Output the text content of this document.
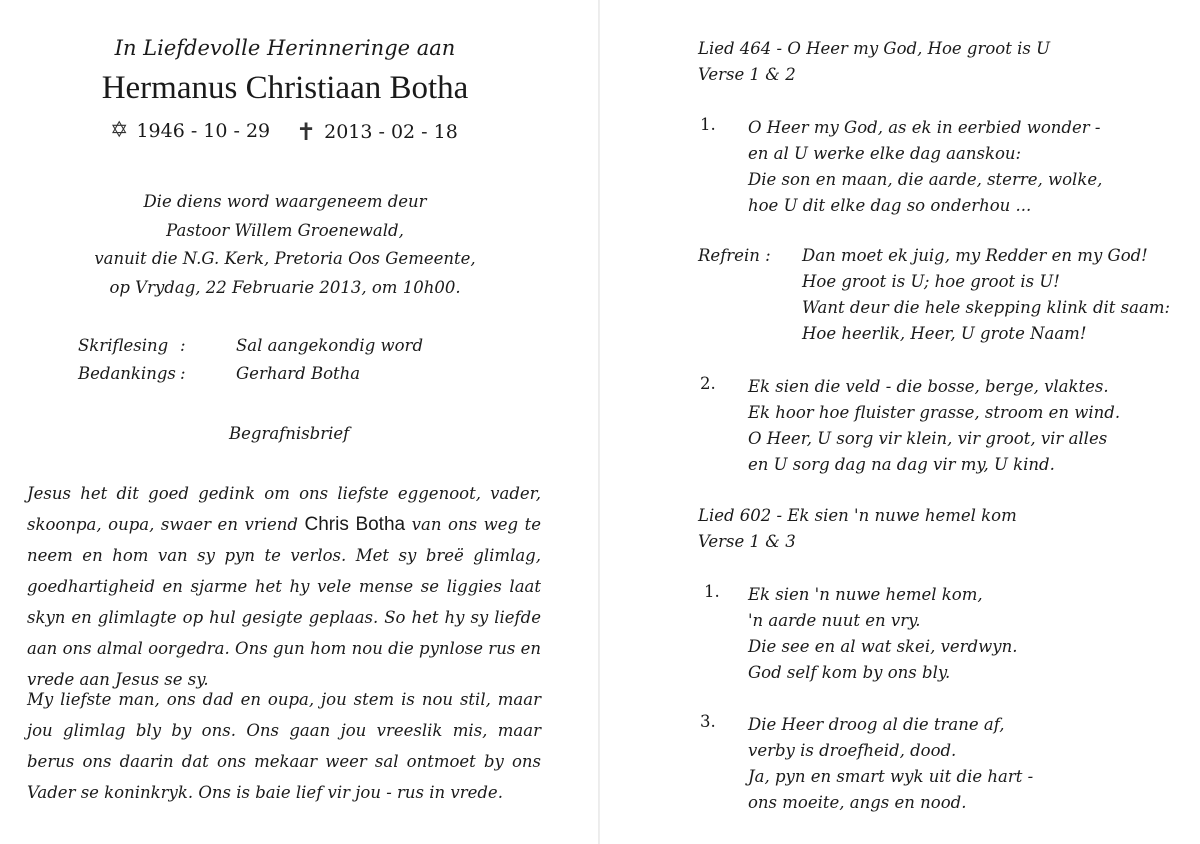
In Liefdevolle Herinneringe aan
Hermanus Christiaan Botha
✡ 1946 - 10 - 29 ✝ 2013 - 02 - 18
Die diens word waargeneem deur
Pastoor Willem Groenewald,
vanuit die N.G. Kerk, Pretoria Oos Gemeente,
op Vrydag, 22 Februarie 2013, om 10h00.
Skriflesing :	Sal aangekondig word
Bedankings :	Gerhard Botha
Begrafnisbrief
Jesus het dit goed gedink om ons liefste eggenoot, vader, skoonpa, oupa, swaer en vriend Chris Botha van ons weg te neem en hom van sy pyn te verlos. Met sy breë glimlag, goedhartigheid en sjarme het hy vele mense se liggies laat skyn en glimlagte op hul gesigte geplaas. So het hy sy liefde aan ons almal oorgedra. Ons gun hom nou die pynlose rus en vrede aan Jesus se sy.
My liefste man, ons dad en oupa, jou stem is nou stil, maar jou glimlag bly by ons. Ons gaan jou vreeslik mis, maar berus ons daarin dat ons mekaar weer sal ontmoet by ons Vader se koninkryk. Ons is baie lief vir jou - rus in vrede.
Lied 464 - O Heer my God, Hoe groot is U
Verse 1 & 2
1. O Heer my God, as ek in eerbied wonder -
en al U werke elke dag aanskou:
Die son en maan, die aarde, sterre, wolke,
hoe U dit elke dag so onderhou ...
Refrein : Dan moet ek juig, my Redder en my God!
Hoe groot is U; hoe groot is U!
Want deur die hele skepping klink dit saam:
Hoe heerlik, Heer, U grote Naam!
2. Ek sien die veld - die bosse, berge, vlaktes.
Ek hoor hoe fluister grasse, stroom en wind.
O Heer, U sorg vir klein, vir groot, vir alles
en U sorg dag na dag vir my, U kind.
Lied 602 - Ek sien 'n nuwe hemel kom
Verse 1 & 3
1. Ek sien 'n nuwe hemel kom,
'n aarde nuut en vry.
Die see en al wat skei, verdwyn.
God self kom by ons bly.
3. Die Heer droog al die trane af,
verby is droefheid, dood.
Ja, pyn en smart wyk uit die hart -
ons moeite, angs en nood.
